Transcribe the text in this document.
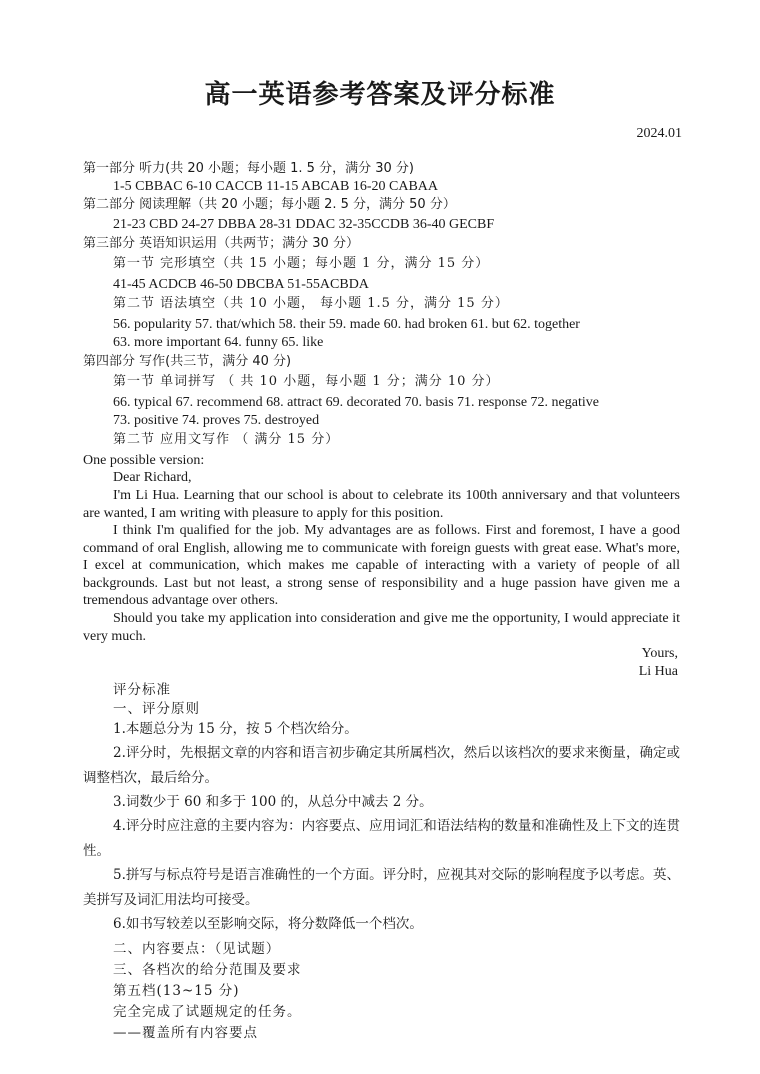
高一英语参考答案及评分标准
2024.01
第一部分 听力(共 20 小题；每小题 1. 5 分，满分 30 分)
1-5 CBBAC 6-10 CACCB 11-15 ABCAB 16-20 CABAA
第二部分 阅读理解（共 20 小题；每小题 2. 5 分，满分 50 分）
21-23 CBD 24-27 DBBA 28-31 DDAC 32-35CCDB 36-40 GECBF
第三部分 英语知识运用（共两节；满分 30 分）
第一节 完形填空（共 15 小题；每小题 1 分，满分 15 分）
41-45 ACDCB 46-50 DBCBA 51-55ACBDA
第二节 语法填空（共 10 小题， 每小题 1.5 分，满分 15 分）
56. popularity 57. that/which 58. their 59. made 60. had broken 61. but 62. together
63. more important 64. funny 65. like
第四部分 写作(共三节，满分 40 分)
第一节 单词拼写 （ 共 10 小题，每小题 1 分；满分 10 分）
66. typical 67. recommend 68. attract 69. decorated 70. basis 71. response 72. negative
73. positive 74. proves 75. destroyed
第二节 应用文写作 （ 满分 15 分）
One possible version:
Dear Richard,
I'm Li Hua. Learning that our school is about to celebrate its 100th anniversary and that volunteers are wanted, I am writing with pleasure to apply for this position.
I think I'm qualified for the job. My advantages are as follows. First and foremost, I have a good command of oral English, allowing me to communicate with foreign guests with great ease. What's more, I excel at communication, which makes me capable of interacting with a variety of people of all backgrounds. Last but not least, a strong sense of responsibility and a huge passion have given me a tremendous advantage over others.
Should you take my application into consideration and give me the opportunity, I would appreciate it very much.
Yours,
Li Hua
评分标准
一、评分原则
1.本题总分为 15 分，按 5 个档次给分。
2.评分时，先根据文章的内容和语言初步确定其所属档次，然后以该档次的要求来衡量，确定或调整档次，最后给分。
3.词数少于 60 和多于 100 的，从总分中减去 2 分。
4.评分时应注意的主要内容为：内容要点、应用词汇和语法结构的数量和准确性及上下文的连贯性。
5.拼写与标点符号是语言准确性的一个方面。评分时，应视其对交际的影响程度予以考虑。英、美拼写及词汇用法均可接受。
6.如书写较差以至影响交际，将分数降低一个档次。
二、内容要点：（见试题）
三、各档次的给分范围及要求
第五档(13~15 分)
完全完成了试题规定的任务。
——覆盖所有内容要点
